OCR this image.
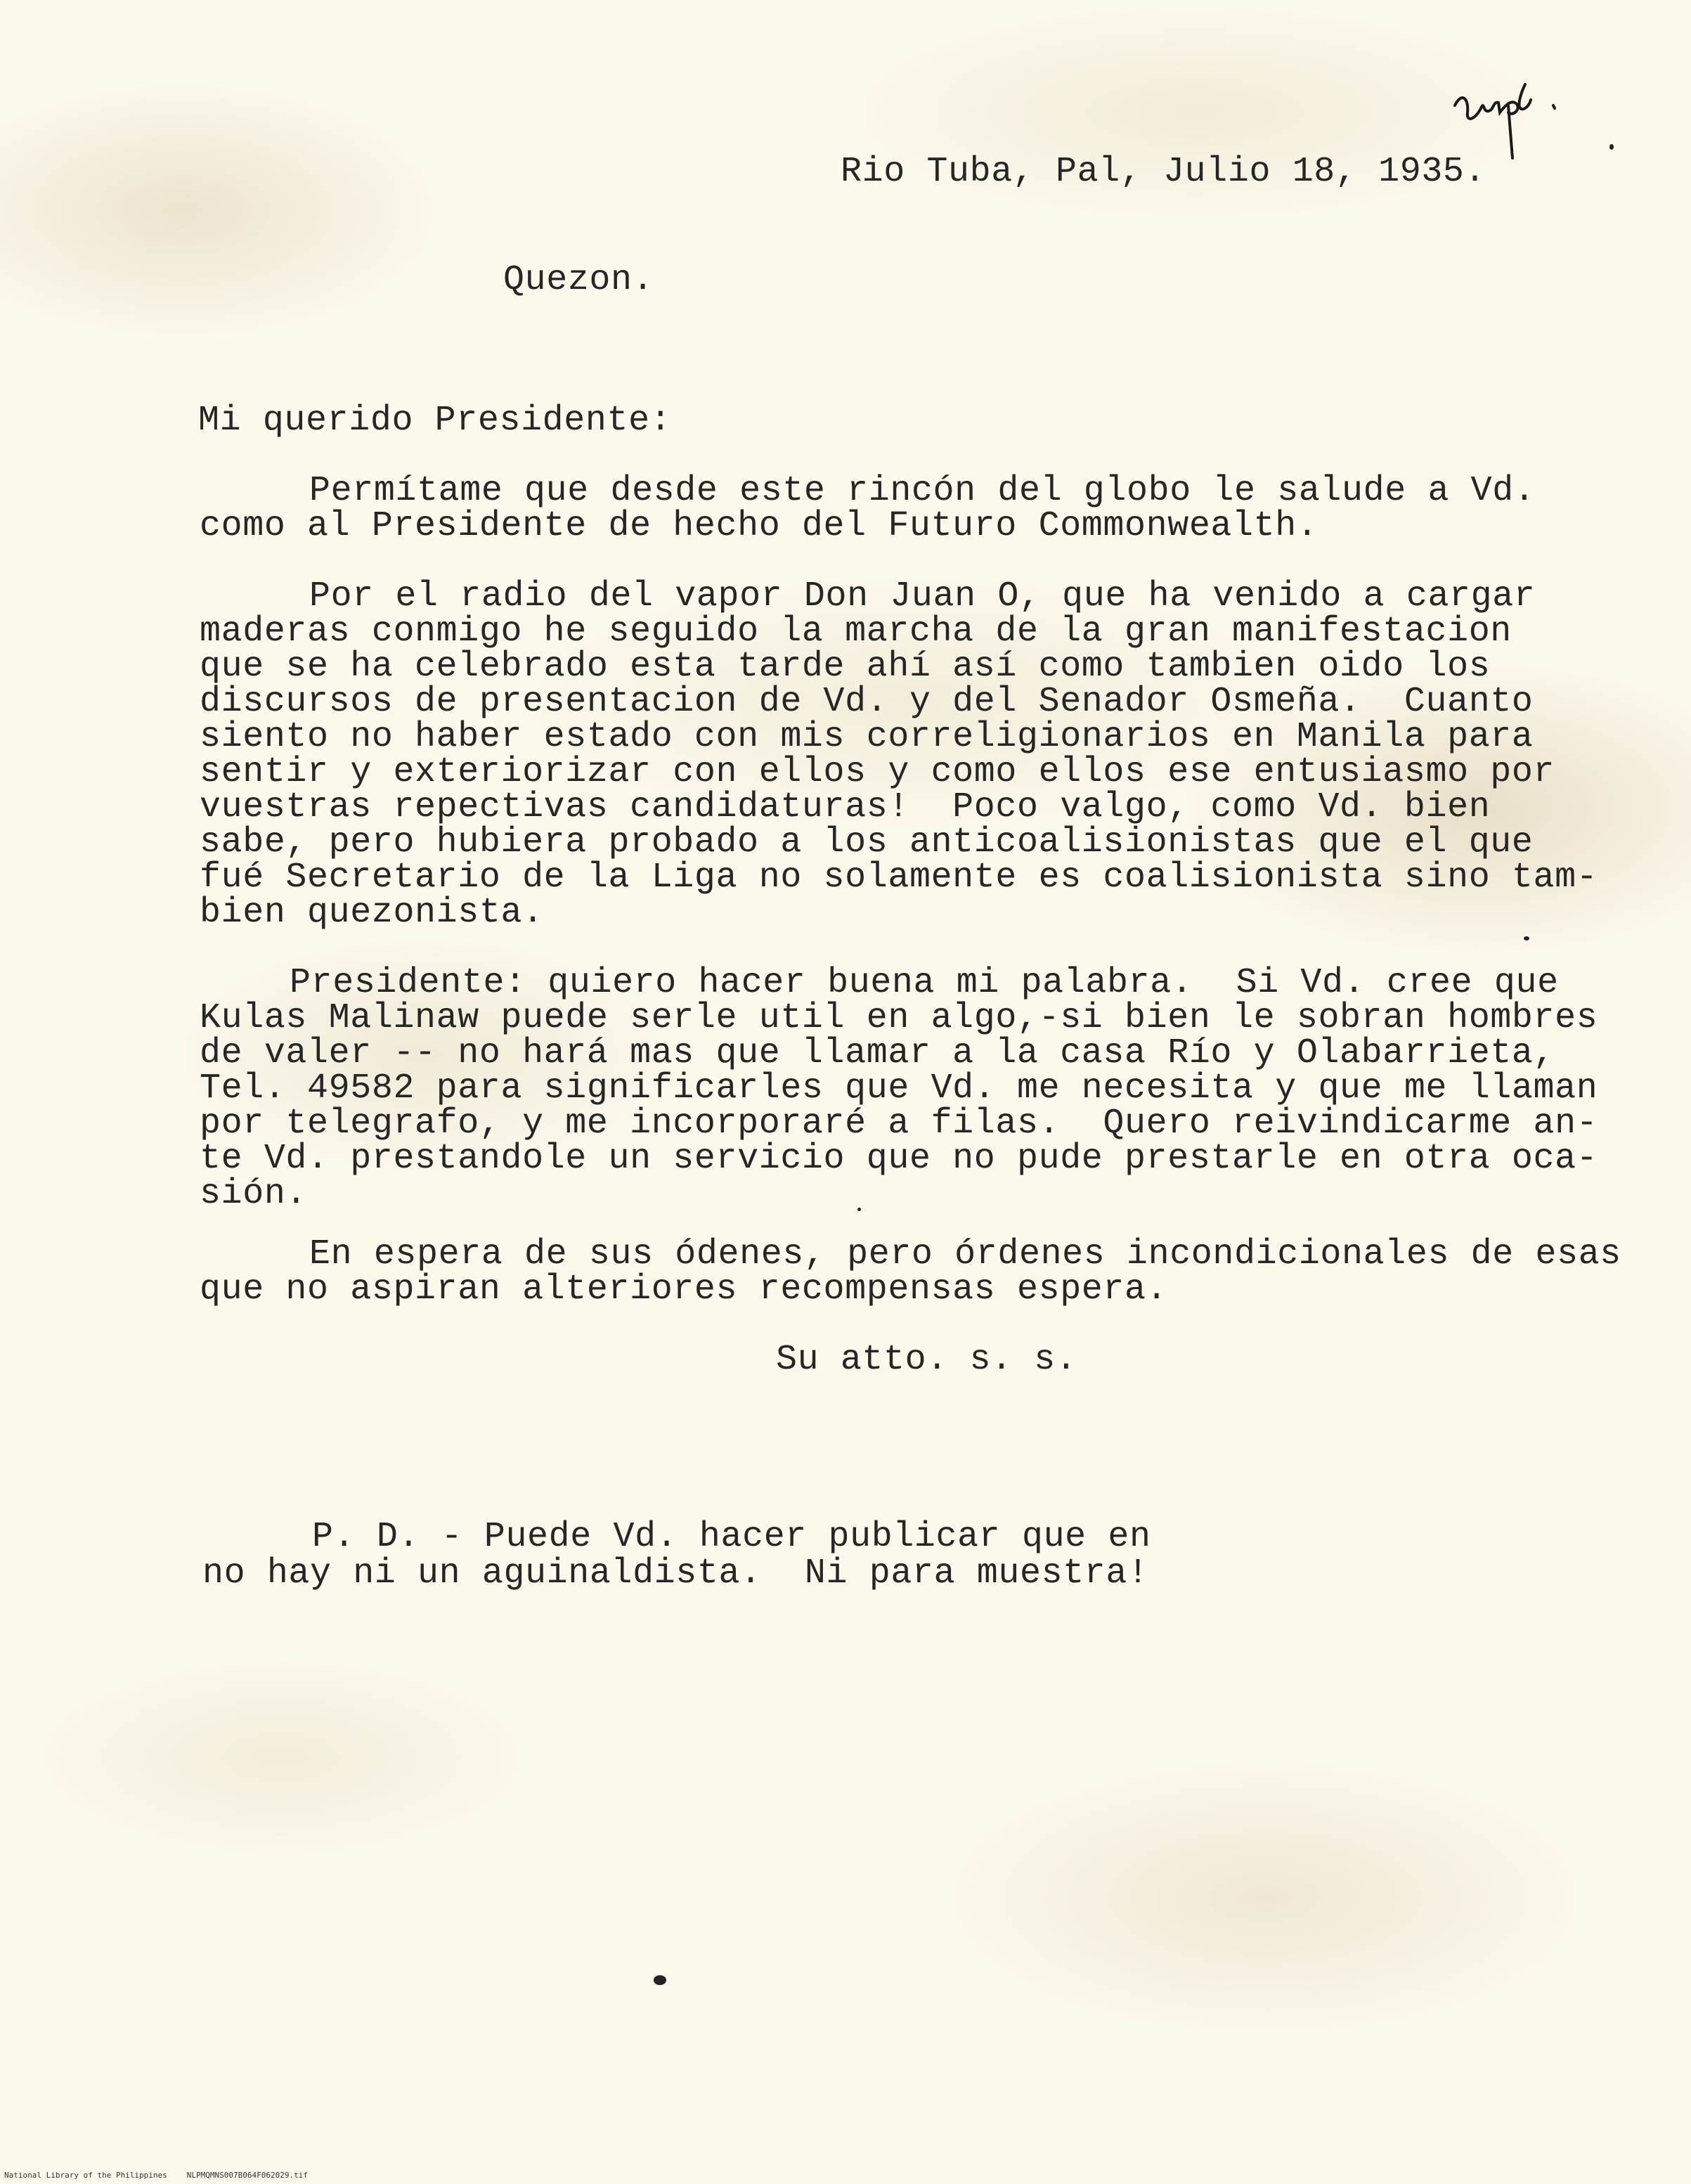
Rio Tuba, Pal, Julio 18, 1935.
Quezon.
Mi querido Presidente:
Permítame que desde este rincón del globo le salude a Vd.
como al Presidente de hecho del Futuro Commonwealth.
Por el radio del vapor Don Juan O, que ha venido a cargar
maderas conmigo he seguido la marcha de la gran manifestacion
que se ha celebrado esta tarde ahí así como tambien oido los
discursos de presentacion de Vd. y del Senador Osmeña.  Cuanto
siento no haber estado con mis correligionarios en Manila para
sentir y exteriorizar con ellos y como ellos ese entusiasmo por
vuestras repectivas candidaturas!  Poco valgo, como Vd. bien
sabe, pero hubiera probado a los anticoalisionistas que el que
fué Secretario de la Liga no solamente es coalisionista sino tam-
bien quezonista.
Presidente: quiero hacer buena mi palabra.  Si Vd. cree que
Kulas Malinaw puede serle util en algo,-si bien le sobran hombres
de valer -- no hará mas que llamar a la casa Río y Olabarrieta,
Tel. 49582 para significarles que Vd. me necesita y que me llaman
por telegrafo, y me incorporaré a filas.  Quero reivindicarme an-
te Vd. prestandole un servicio que no pude prestarle en otra oca-
sión.
En espera de sus ódenes, pero órdenes incondicionales de esas
que no aspiran alteriores recompensas espera.
Su atto. s. s.
P. D. - Puede Vd. hacer publicar que en
no hay ni un aguinaldista.  Ni para muestra!
National Library of the Philippines	NLPMQMNS007B064F062029.tif
